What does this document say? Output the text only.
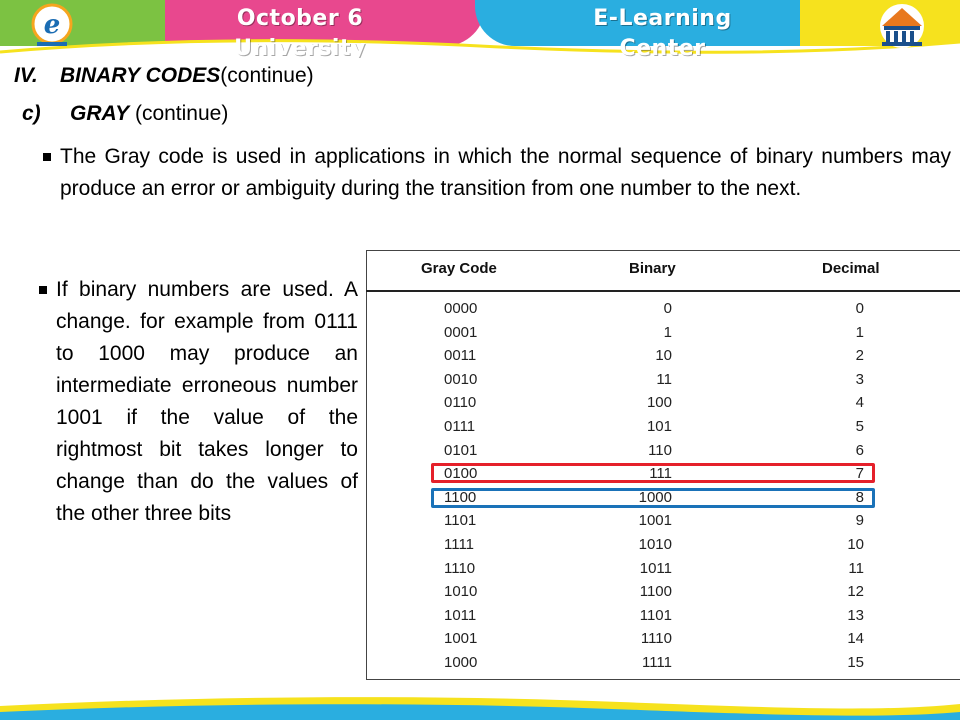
e	October 6 University
E-Learning Center
IV. BINARY CODES(continue)
c) GRAY (continue)
The Gray code is used in applications in which the normal sequence of binary numbers may produce an error or ambiguity during the transition from one number to the next.
If binary numbers are used. A change. for example from 0111 to 1000 may produce an intermediate erroneous number 1001 if the value of the rightmost bit takes longer to change than do the values of the other three bits
Gray Code	Binary	Decimal
0000	0	0
0001	1	1
0011	10	2
0010	11	3
0110	100	4
0111	101	5
0101	110	6
0100	111	7
1100	1000	8
1101	1001	9
1111	1010	10
1110	1011	11
1010	1100	12
1011	1101	13
1001	1110	14
1000	1111	15
